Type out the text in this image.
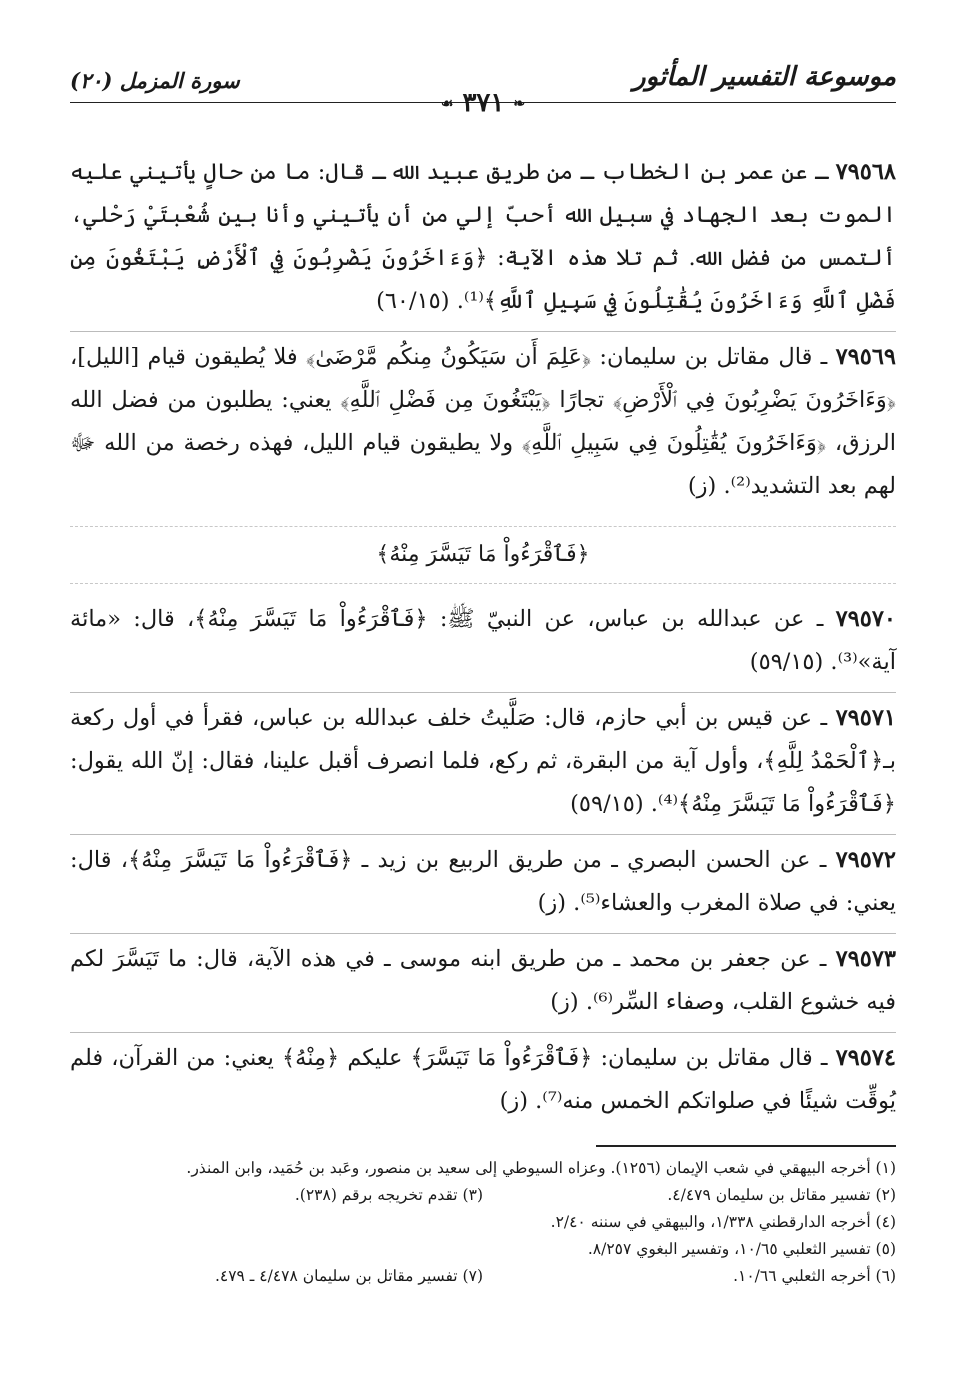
موسوعة التفسير المأثور
سورة المزمل (٢٠)
❧ ٣٧١ ☙

٧٩٥٦٨ ـ عن عمر بن الخطاب ـ من طريق عبيد الله ـ قال: ما من حالٍ يأتيني عليه الموت بعد الجهاد في سبيل الله أحبّ إلي من أن يأتيني وأنا بين شُعْبتَيْ رَحْلي، ألتمس من فضل الله. ثم تلا هذه الآية: ﴿وَءَاخَرُونَ يَضْرِبُونَ فِي ٱلْأَرْضِ يَبْتَغُونَ مِن فَضْلِ ٱللَّهِ وَءَاخَرُونَ يُقَٰتِلُونَ فِي سَبِيلِ ٱللَّهِ﴾⁽¹⁾. (٦٠/١٥)

٧٩٥٦٩ ـ قال مقاتل بن سليمان: ﴿عَلِمَ أَن سَيَكُونُ مِنكُم مَّرْضَىٰ﴾ فلا يُطيقون قيام [الليل]، ﴿وَءَاخَرُونَ يَضْرِبُونَ فِي ٱلْأَرْضِ﴾ تجارًا ﴿يَبْتَغُونَ مِن فَضْلِ ٱللَّهِ﴾ يعني: يطلبون من فضل الله الرزق، ﴿وَءَاخَرُونَ يُقَٰتِلُونَ فِي سَبِيلِ ٱللَّهِ﴾ ولا يطيقون قيام الليل، فهذه رخصة من الله ﷻ لهم بعد التشديد⁽²⁾. (ز)

﴿فَٱقْرَءُواْ مَا تَيَسَّرَ مِنْهُ﴾

٧٩٥٧٠ ـ عن عبدالله بن عباس، عن النبيّ ﷺ: ﴿فَٱقْرَءُواْ مَا تَيَسَّرَ مِنْهُ﴾، قال: «مائة آية»⁽³⁾. (٥٩/١٥)

٧٩٥٧١ ـ عن قيس بن أبي حازم، قال: صَلَّيتُ خلف عبدالله بن عباس، فقرأ في أول ركعة بـ﴿ٱلْحَمْدُ لِلَّهِ﴾، وأول آية من البقرة، ثم ركع، فلما انصرف أقبل علينا، فقال: إنّ الله يقول: ﴿فَٱقْرَءُواْ مَا تَيَسَّرَ مِنْهُ﴾⁽⁴⁾. (٥٩/١٥)

٧٩٥٧٢ ـ عن الحسن البصري ـ من طريق الربيع بن زيد ـ ﴿فَٱقْرَءُواْ مَا تَيَسَّرَ مِنْهُ﴾، قال: يعني: في صلاة المغرب والعشاء⁽⁵⁾. (ز)

٧٩٥٧٣ ـ عن جعفر بن محمد ـ من طريق ابنه موسى ـ في هذه الآية، قال: ما تَيَسَّرَ لكم فيه خشوع القلب، وصفاء السِّر⁽⁶⁾. (ز)

٧٩٥٧٤ ـ قال مقاتل بن سليمان: ﴿فَٱقْرَءُواْ مَا تَيَسَّرَ﴾ عليكم ﴿مِنْهُ﴾ يعني: من القرآن، فلم يُوقِّت شيئًا في صلواتكم الخمس منه⁽⁷⁾. (ز)

(١) أخرجه البيهقي في شعب الإيمان (١٢٥٦). وعزاه السيوطي إلى سعيد بن منصور، وعَبد بن حُمَيد، وابن المنذر.

(٢) تفسير مقاتل بن سليمان ٤/٤٧٩.
(٣) تقدم تخريجه برقم (٢٣٨).

(٤) أخرجه الدارقطني ١/٣٣٨، والبيهقي في سننه ٢/٤٠.

(٥) تفسير الثعلبي ١٠/٦٥، وتفسير البغوي ٨/٢٥٧.

(٦) أخرجه الثعلبي ١٠/٦٦.
(٧) تفسير مقاتل بن سليمان ٤/٤٧٨ ـ ٤٧٩.
